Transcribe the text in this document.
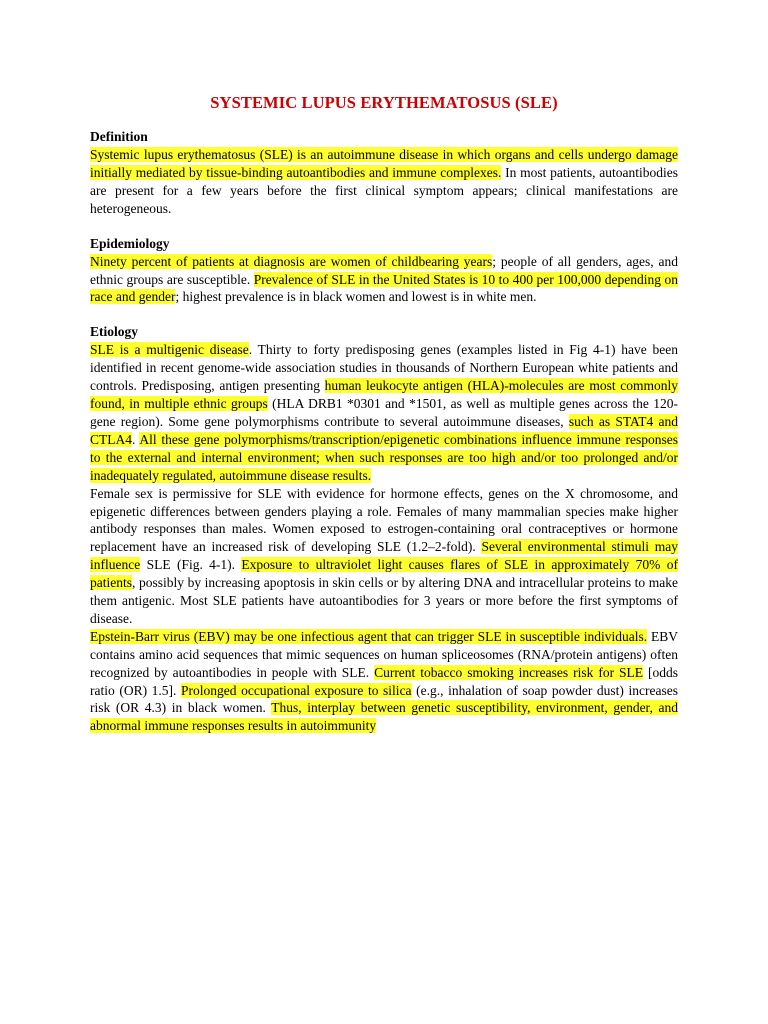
SYSTEMIC LUPUS ERYTHEMATOSUS (SLE)
Definition

Systemic lupus erythematosus (SLE) is an autoimmune disease in which organs and cells undergo damage initially mediated by tissue-binding autoantibodies and immune complexes. In most patients, autoantibodies are present for a few years before the first clinical symptom appears; clinical manifestations are heterogeneous.

Epidemiology

Ninety percent of patients at diagnosis are women of childbearing years; people of all genders, ages, and ethnic groups are susceptible. Prevalence of SLE in the United States is 10 to 400 per 100,000 depending on race and gender; highest prevalence is in black women and lowest is in white men.

Etiology

SLE is a multigenic disease. Thirty to forty predisposing genes (examples listed in Fig 4-1) have been identified in recent genome-wide association studies in thousands of Northern European white patients and controls. Predisposing, antigen presenting human leukocyte antigen (HLA)-molecules are most commonly found, in multiple ethnic groups (HLA DRB1 *0301 and *1501, as well as multiple genes across the 120-gene region). Some gene polymorphisms contribute to several autoimmune diseases, such as STAT4 and CTLA4. All these gene polymorphisms/transcription/epigenetic combinations influence immune responses to the external and internal environment; when such responses are too high and/or too prolonged and/or inadequately regulated, autoimmune disease results.

Female sex is permissive for SLE with evidence for hormone effects, genes on the X chromosome, and epigenetic differences between genders playing a role. Females of many mammalian species make higher antibody responses than males. Women exposed to estrogen-containing oral contraceptives or hormone replacement have an increased risk of developing SLE (1.2–2-fold). Several environmental stimuli may influence SLE (Fig. 4-1). Exposure to ultraviolet light causes flares of SLE in approximately 70% of patients, possibly by increasing apoptosis in skin cells or by altering DNA and intracellular proteins to make them antigenic. Most SLE patients have autoantibodies for 3 years or more before the first symptoms of disease.

Epstein-Barr virus (EBV) may be one infectious agent that can trigger SLE in susceptible individuals. EBV contains amino acid sequences that mimic sequences on human spliceosomes (RNA/protein antigens) often recognized by autoantibodies in people with SLE. Current tobacco smoking increases risk for SLE [odds ratio (OR) 1.5]. Prolonged occupational exposure to silica (e.g., inhalation of soap powder dust) increases risk (OR 4.3) in black women. Thus, interplay between genetic susceptibility, environment, gender, and abnormal immune responses results in autoimmunity
